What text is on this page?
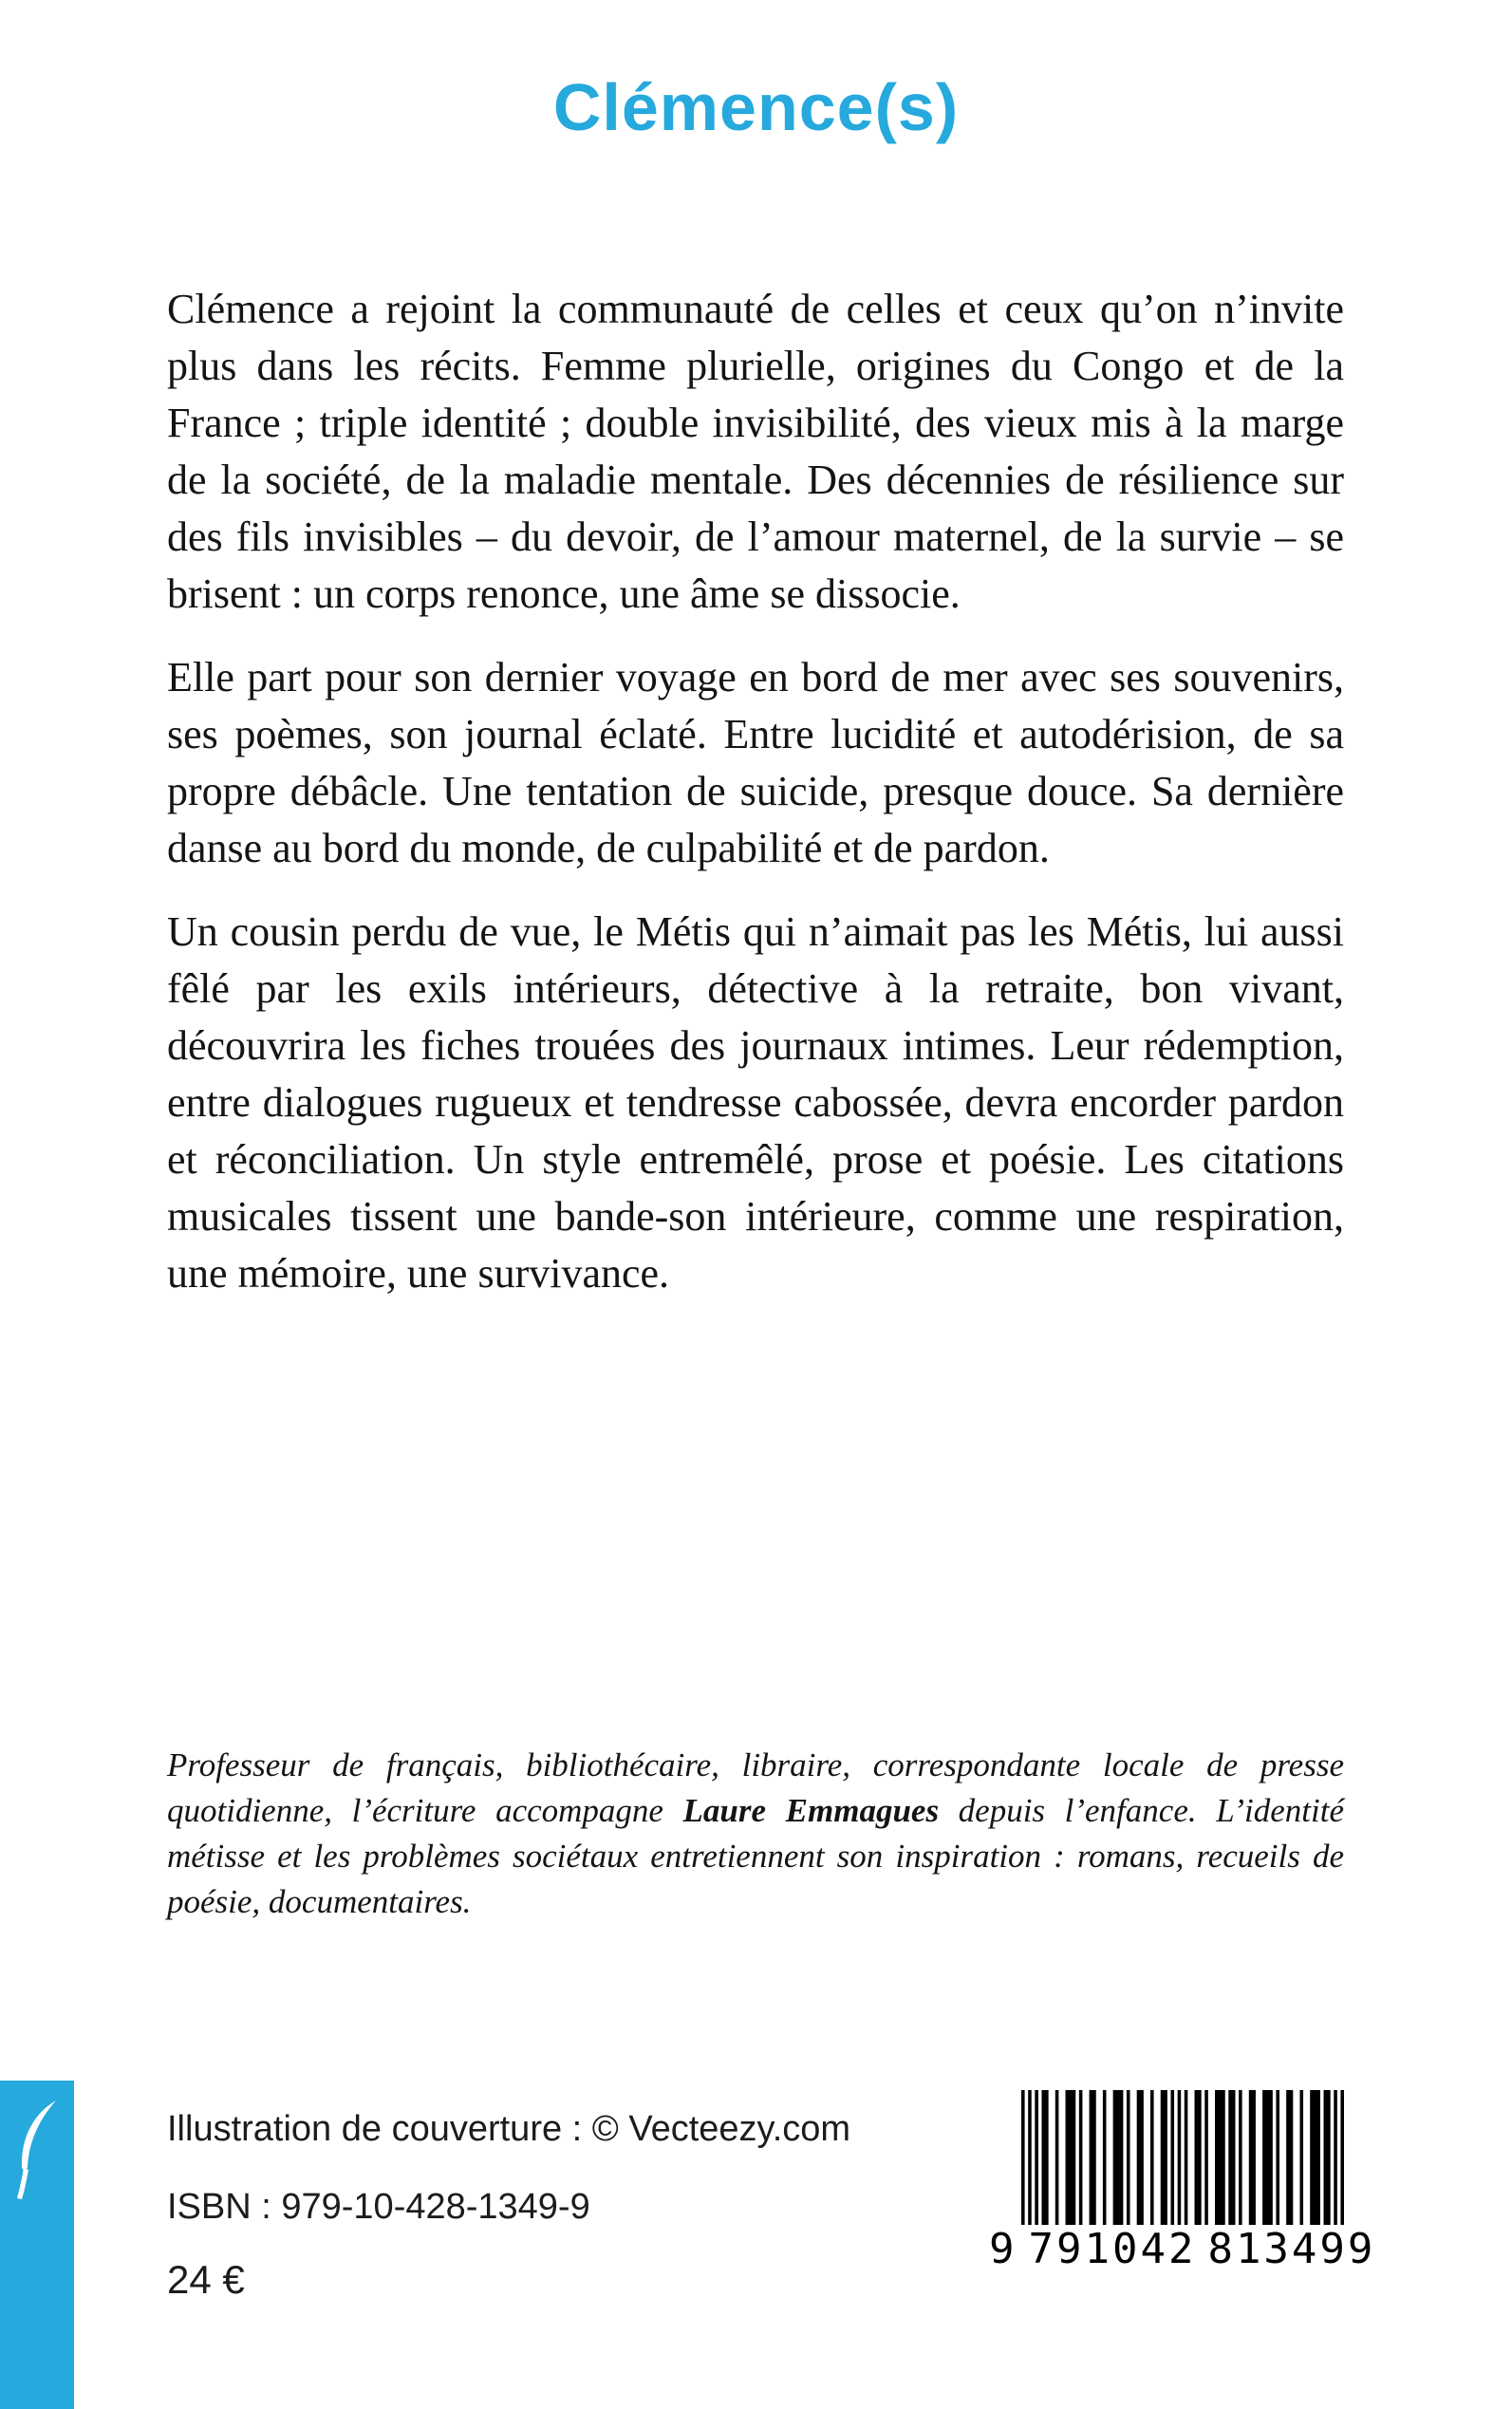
Clémence(s)

Clémence a rejoint la communauté de celles et ceux qu’on n’invite plus dans les récits. Femme plurielle, origines du Congo et de la France ; triple identité ; double invisibilité, des vieux mis à la marge de la société, de la maladie mentale. Des décennies de résilience sur des fils invisibles – du devoir, de l’amour maternel, de la survie – se brisent : un corps renonce, une âme se dissocie.

Elle part pour son dernier voyage en bord de mer avec ses souvenirs, ses poèmes, son journal éclaté. Entre lucidité et autodérision, de sa propre débâcle. Une tentation de suicide, presque douce. Sa dernière danse au bord du monde, de culpabilité et de pardon.

Un cousin perdu de vue, le Métis qui n’aimait pas les Métis, lui aussi fêlé par les exils intérieurs, détective à la retraite, bon vivant, découvrira les fiches trouées des journaux intimes. Leur rédemption, entre dialogues rugueux et tendresse cabossée, devra encorder pardon et réconciliation. Un style entremêlé, prose et poésie. Les citations musicales tissent une bande-son intérieure, comme une respiration, une mémoire, une survivance.

Professeur de français, bibliothécaire, libraire, correspondante locale de presse quotidienne, l’écriture accompagne Laure Emmagues depuis l’enfance. L’identité métisse et les problèmes sociétaux entretiennent son inspiration : romans, recueils de poésie, documentaires.
Illustration de couverture : © Vecteezy.com
ISBN : 979-10-428-1349-9
24 €
9 791042 813499
